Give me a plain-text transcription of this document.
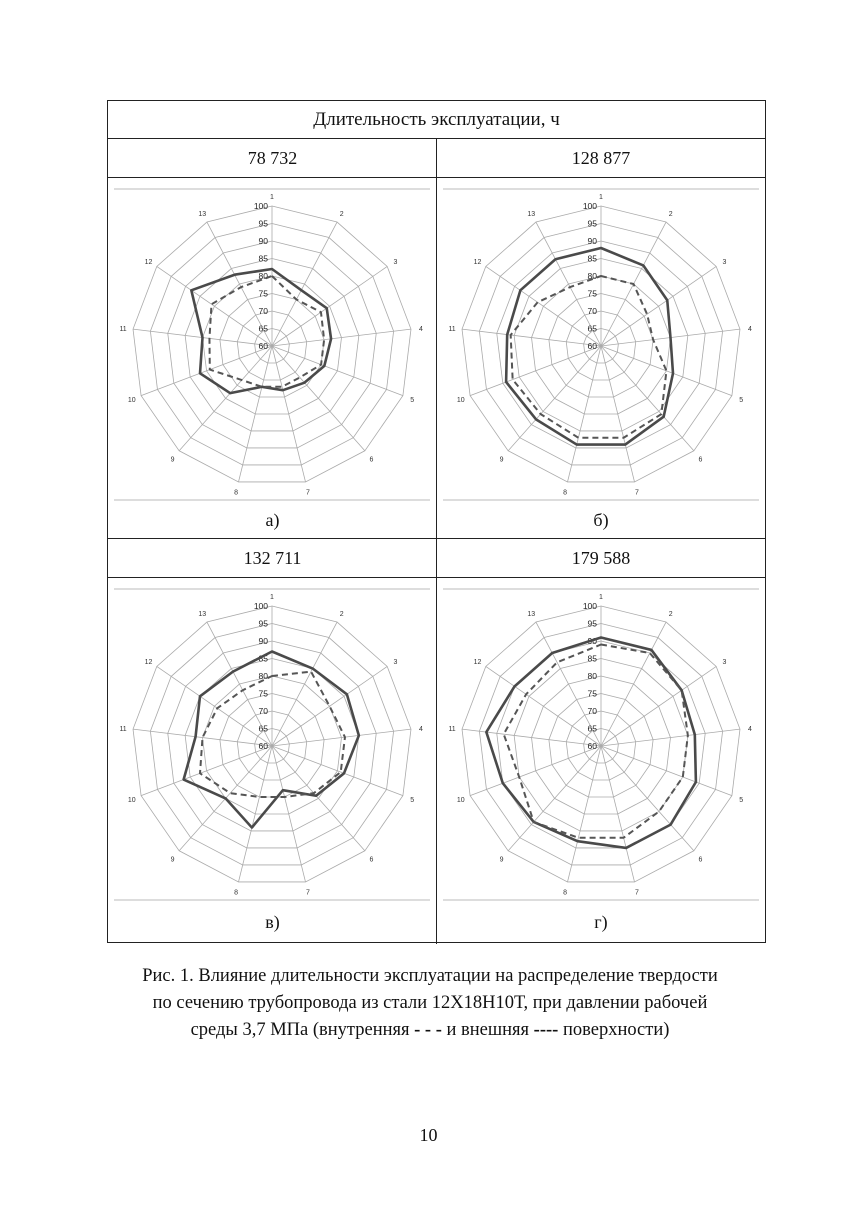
Длительность эксплуатации, ч
78 732	128 877
1
2
3
4
5
6
7
8
9
10
11
12
13
60
65
70
75
80
85
90
95
100
1
2
3
4
5
6
7
8
9
10
11
12
13
60
65
70
75
80
85
90
95
100
а)	б)
132 711	179 588
1
2
3
4
5
6
7
8
9
10
11
12
13
60
65
70
75
80
85
90
95
100
1
2
3
4
5
6
7
8
9
10
11
12
13
60
65
70
75
80
85
90
95
100
в)	г)
Рис. 1. Влияние длительности эксплуатации на распределение твердости
по сечению трубопровода из стали 12Х18Н10Т, при давлении рабочей
среды 3,7 МПа (внутренняя - - - и внешняя ---- поверхности)
10
